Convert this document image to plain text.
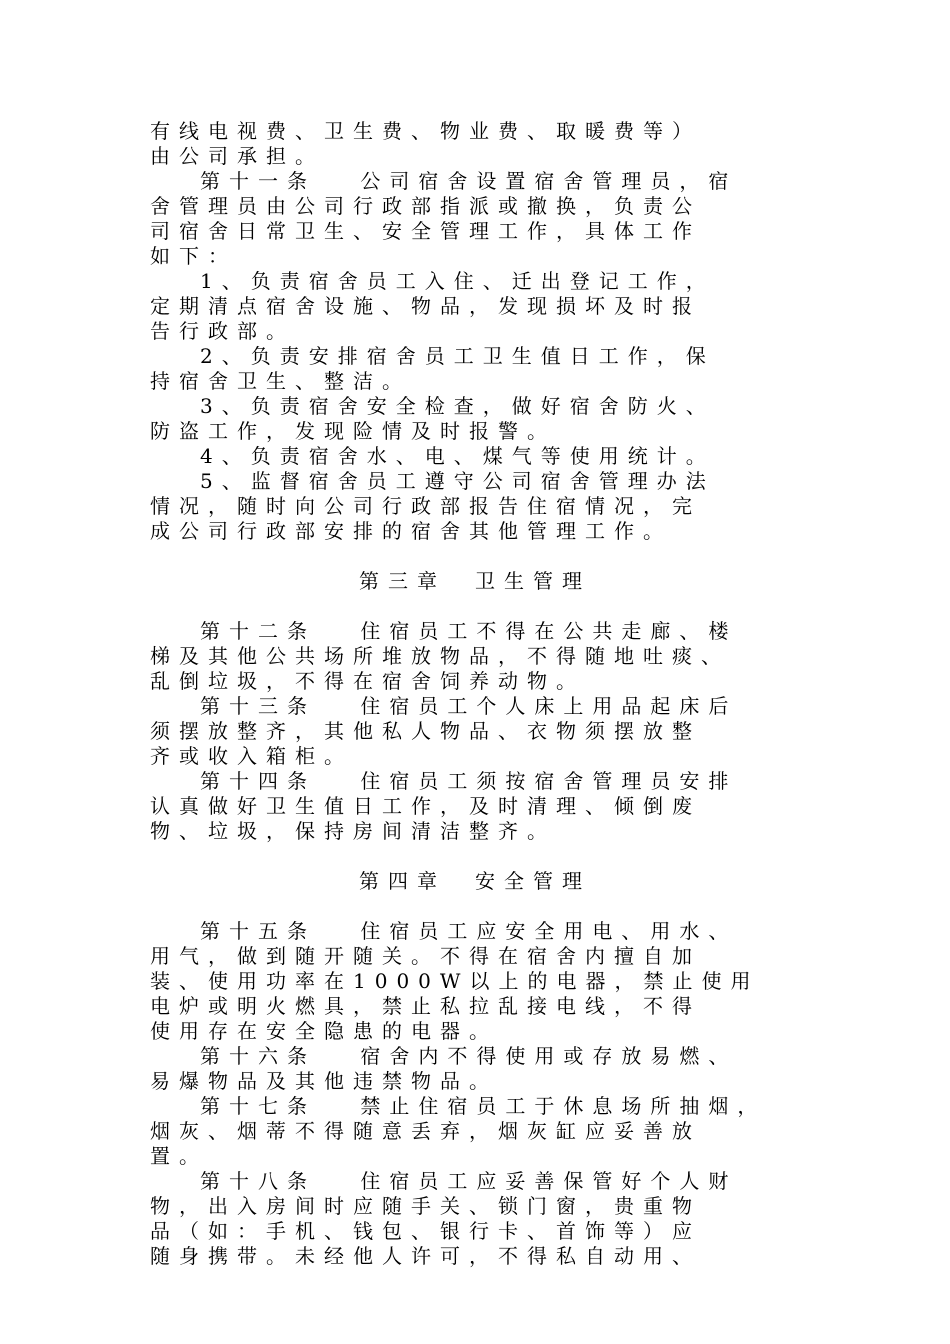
有线电视费、卫生费、物业费、取暖费等）
由公司承担。
第十一条　 公司宿舍设置宿舍管理员，宿
舍管理员由公司行政部指派或撤换，负责公
司宿舍日常卫生、安全管理工作，具体工作
如下：
1、负责宿舍员工入住、迁出登记工作，
定期清点宿舍设施、物品，发现损坏及时报
告行政部。
2、负责安排宿舍员工卫生值日工作，保
持宿舍卫生、整洁。
3、负责宿舍安全检查，做好宿舍防火、
防盗工作，发现险情及时报警。
4、负责宿舍水、电、煤气等使用统计。
5、监督宿舍员工遵守公司宿舍管理办法
情况，随时向公司行政部报告住宿情况，完
成公司行政部安排的宿舍其他管理工作。
第三章　卫生管理
第十二条　 住宿员工不得在公共走廊、楼
梯及其他公共场所堆放物品，不得随地吐痰、
乱倒垃圾，不得在宿舍饲养动物。
第十三条　 住宿员工个人床上用品起床后
须摆放整齐，其他私人物品、衣物须摆放整
齐或收入箱柜。
第十四条　 住宿员工须按宿舍管理员安排
认真做好卫生值日工作，及时清理、倾倒废
物、垃圾，保持房间清洁整齐。
第四章　安全管理
第十五条　 住宿员工应安全用电、用水、
用气，做到随开随关。不得在宿舍内擅自加
装、使用功率在1000W以上的电器，禁止使用
电炉或明火燃具，禁止私拉乱接电线，不得
使用存在安全隐患的电器。
第十六条　 宿舍内不得使用或存放易燃、
易爆物品及其他违禁物品。
第十七条　 禁止住宿员工于休息场所抽烟，
烟灰、烟蒂不得随意丢弃，烟灰缸应妥善放
置。
第十八条　 住宿员工应妥善保管好个人财
物，出入房间时应随手关、锁门窗，贵重物
品（如：手机、钱包、银行卡、首饰等）应
随身携带。未经他人许可，不得私自动用、
